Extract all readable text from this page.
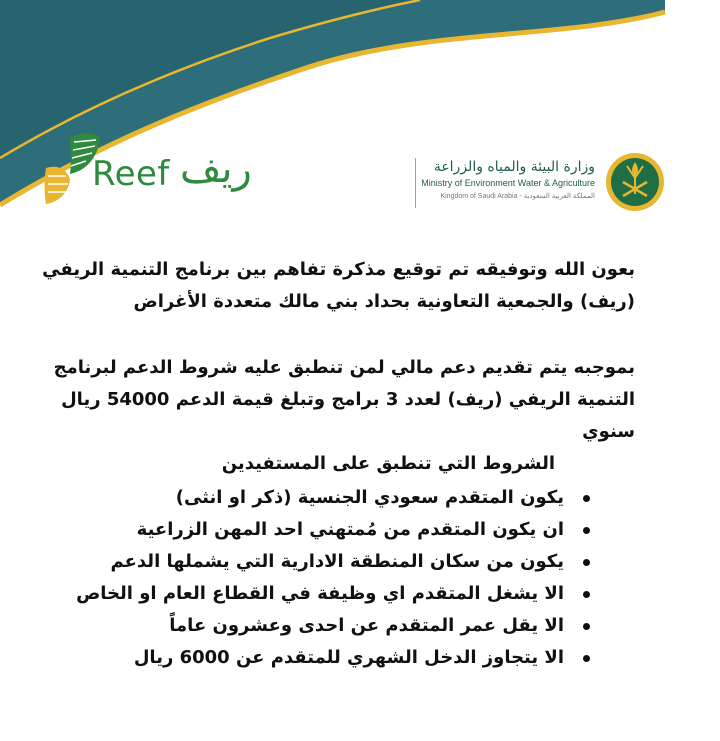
Reef ريف	وزارة البيئة والمياه والزراعة
Ministry of Environment Water & Agriculture
Kingdom of Saudi Arabia - المملكة العربية السعودية

بعون الله وتوفيقه تم توقيع مذكرة تفاهم بين برنامج التنمية الريفي

(ريف) والجمعية التعاونية بحداد بني مالك متعددة الأغراض

بموجبه يتم تقديم دعم مالي لمن تنطبق عليه شروط الدعم لبرنامج

التنمية الريفي (ريف) لعدد 3 برامج وتبلغ قيمة الدعم 54000 ريال سنوي

الشروط التي تنطبق على المستفيدين

يكون المتقدم سعودي الجنسية (ذكر او انثى)
ان يكون المتقدم من مُمتهني احد المهن الزراعية
يكون من سكان المنطقة الادارية التي يشملها الدعم
الا يشغل المتقدم اي وظيفة في القطاع العام او الخاص
الا يقل عمر المتقدم عن احدى وعشرون عاماً
الا يتجاوز الدخل الشهري للمتقدم عن 6000 ريال
